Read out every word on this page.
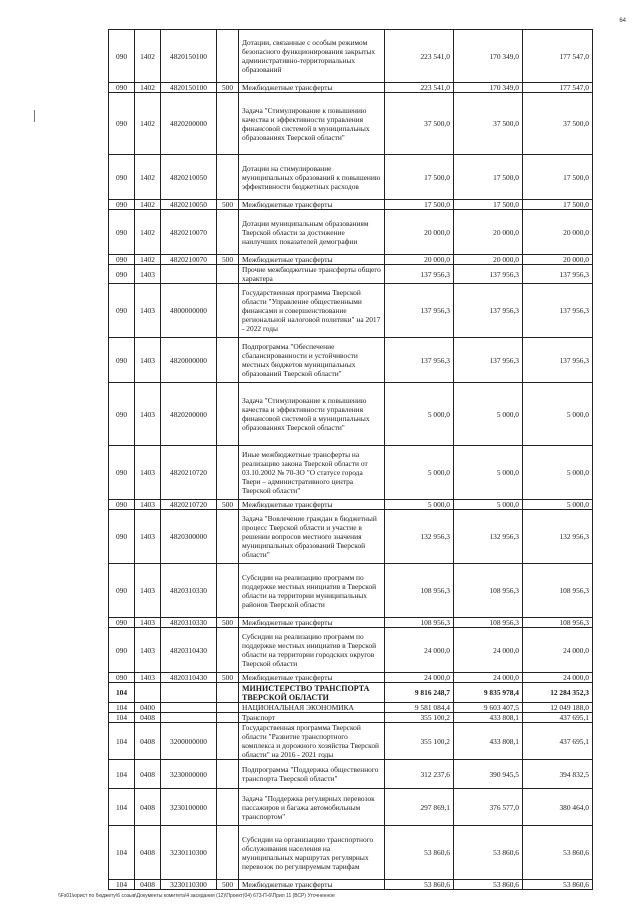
64
090	1402	4820150100		Дотации, связанные с особым режимом безопасного функционирования закрытых административно-территориальных образований	223 541,0	170 349,0	177 547,0
090	1402	4820150100	500	Межбюджетные трансферты	223 541,0	170 349,0	177 547,0
090	1402	4820200000		Задача "Стимулирование к повышению качества и эффективности управления финансовой системой в муниципальных образованиях Тверской области"	37 500,0	37 500,0	37 500,0
090	1402	4820210050		Дотации на стимулирование муниципальных образований к повышению эффективности бюджетных расходов	17 500,0	17 500,0	17 500,0
090	1402	4820210050	500	Межбюджетные трансферты	17 500,0	17 500,0	17 500,0
090	1402	4820210070		Дотации муниципальным образованиям Тверской области за достижение наилучших показателей демографии	20 000,0	20 000,0	20 000,0
090	1402	4820210070	500	Межбюджетные трансферты	20 000,0	20 000,0	20 000,0
090	1403			Прочие межбюджетные трансферты общего характера	137 956,3	137 956,3	137 956,3
090	1403	4800000000		Государственная программа Тверской области "Управление общественными финансами и совершенствование региональной налоговой политики" на 2017 - 2022 годы	137 956,3	137 956,3	137 956,3
090	1403	4820000000		Подпрограмма "Обеспечение сбалансированности и устойчивости местных бюджетов муниципальных образований Тверской области"	137 956,3	137 956,3	137 956,3
090	1403	4820200000		Задача "Стимулирование к повышению качества и эффективности управления финансовой системой в муниципальных образованиях Тверской области"	5 000,0	5 000,0	5 000,0
090	1403	4820210720		Иные межбюджетные трансферты на реализацию закона Тверской области от 03.10.2002 № 70-ЗО "О статусе города Твери – административного центра Тверской области"	5 000,0	5 000,0	5 000,0
090	1403	4820210720	500	Межбюджетные трансферты	5 000,0	5 000,0	5 000,0
090	1403	4820300000		Задача "Вовлечение граждан в бюджетный процесс Тверской области и участие в решении вопросов местного значения муниципальных образований Тверской области"	132 956,3	132 956,3	132 956,3
090	1403	4820310330		Субсидии на реализацию программ по поддержке местных инициатив в Тверской области на территории муниципальных районов Тверской области	108 956,3	108 956,3	108 956,3
090	1403	4820310330	500	Межбюджетные трансферты	108 956,3	108 956,3	108 956,3
090	1403	4820310430		Субсидии на реализацию программ по поддержке местных инициатив в Тверской области на территории городских округов Тверской области	24 000,0	24 000,0	24 000,0
090	1403	4820310430	500	Межбюджетные трансферты	24 000,0	24 000,0	24 000,0
104				МИНИСТЕРСТВО ТРАНСПОРТА ТВЕРСКОЙ ОБЛАСТИ	9 816 248,7	9 835 978,4	12 284 352,3
104	0400			НАЦИОНАЛЬНАЯ ЭКОНОМИКА	9 581 084,4	9 603 407,5	12 049 188,0
104	0408			Транспорт	355 100,2	433 808,1	437 695,1
104	0408	3200000000		Государственная программа Тверской области "Развитие транспортного комплекса и дорожного хозяйства Тверской области" на 2016 - 2021 годы	355 100,2	433 808,1	437 695,1
104	0408	3230000000		Подпрограмма "Поддержка общественного транспорта Тверской области"	312 237,6	390 945,5	394 832,5
104	0408	3230100000		Задача "Поддержка регулярных перевозок пассажиров и багажа автомобильным транспортом"	297 869,1	376 577,0	380 464,0
104	0408	3230110300		Субсидии на организацию транспортного обслуживания населения на муниципальных маршрутах регулярных перевозок по регулируемым тарифам	53 860,6	53 860,6	53 860,6
104	0408	3230110300	500	Межбюджетные трансферты	53 860,6	53 860,6	53 860,6
\\Fs01\юрист по бюджету\6 созыв\Документы комитета\4 заседания (12)\Проект(04) 673-П-6\Прил 11 (ВСР) Уточненное
